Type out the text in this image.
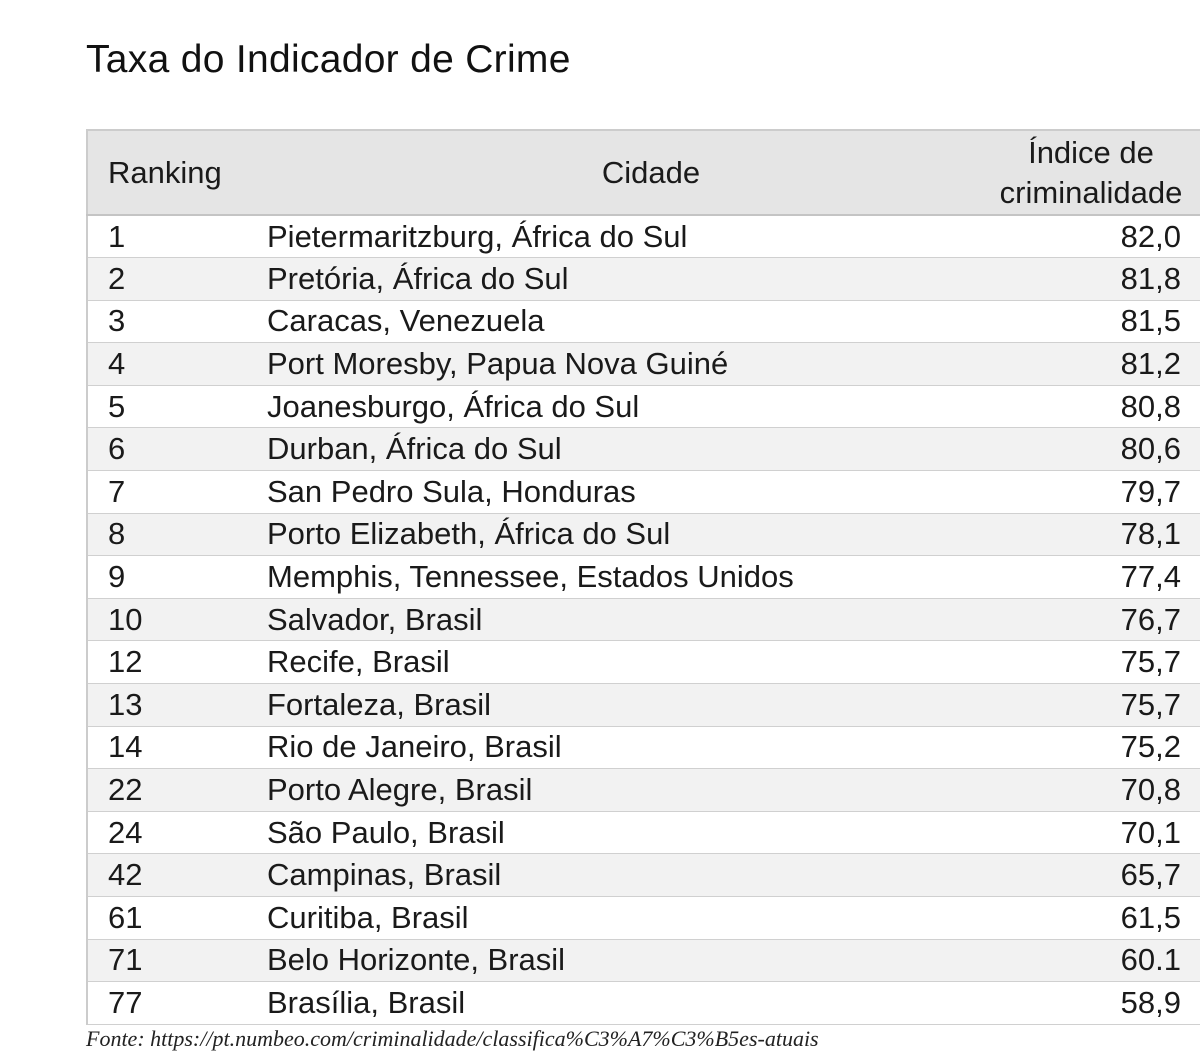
Taxa do Indicador de Crime
Ranking	Cidade	Índice de
criminalidade

1	Pietermaritzburg, África do Sul	82,0
2	Pretória, África do Sul	81,8
3	Caracas, Venezuela	81,5
4	Port Moresby, Papua Nova Guiné	81,2
5	Joanesburgo, África do Sul	80,8
6	Durban, África do Sul	80,6
7	San Pedro Sula, Honduras	79,7
8	Porto Elizabeth, África do Sul	78,1
9	Memphis, Tennessee, Estados Unidos	77,4
10	Salvador, Brasil	76,7
12	Recife, Brasil	75,7
13	Fortaleza, Brasil	75,7
14	Rio de Janeiro, Brasil	75,2
22	Porto Alegre, Brasil	70,8
24	São Paulo, Brasil	70,1
42	Campinas, Brasil	65,7
61	Curitiba, Brasil	61,5
71	Belo Horizonte, Brasil	60.1
77	Brasília, Brasil	58,9
Fonte: https://pt.numbeo.com/criminalidade/classifica%C3%A7%C3%B5es-atuais
